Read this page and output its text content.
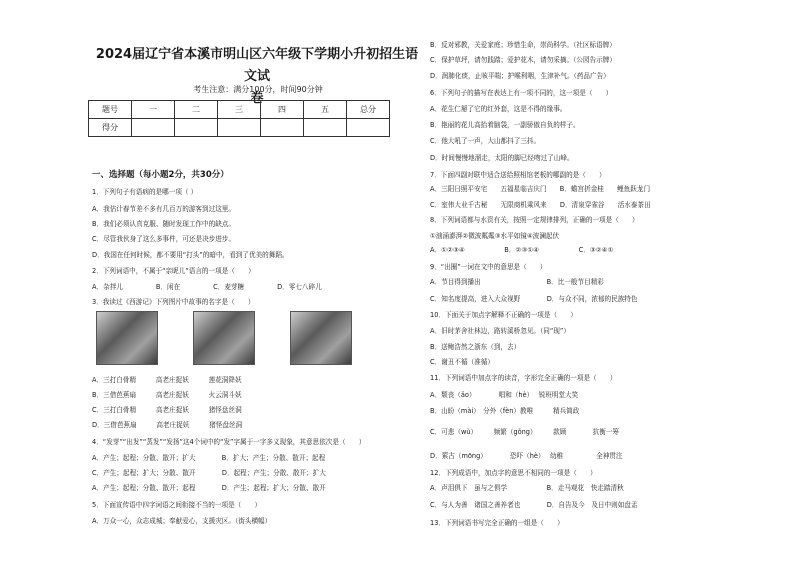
2024届辽宁省本溪市明山区六年级下学期小升初招生语文试
卷
考生注意：满分100分，时间90分钟
题号	一	二	三	四	五	总分
得分						
一、选择题（每小题2分，共30分）
1．下列句子有语病的是哪一项（ ）
A．我估计春节差不多有几百万的游客到过这里。
B．我们必须认真克服、随时发现工作中的缺点。
C．尽管我伙身了这么多事件，可还是决步进步。
D．我国在任何时候，都不要用“打头”的暗中，看到了优美的舞蹈。
2．下列词语中，不属于“亲昵儿”语言的一项是（　　）
A．杂拌儿　　　　　B．闲在　　　　　C．麦芽糖　　　　　D．零七八碎儿
3．我读过《西游记》下列图片中故事的名字是（　　）
A．三打白骨精　　　高老庄捉妖　　　莲花洞降妖
B．三借芭蕉扇　　　高老庄捉妖　　　火云洞斗妖
C．三打白骨精　　　高老庄捉妖　　　猪怪盘丝洞
D．三借芭蕉扇　　　高老庄捉妖　　　猪怪盘丝洞
4．“发芽”“出发”“蒸发”“发扬”这4个词中的“发”字属于一字多义现象，其意思依次是（　　）
A．产生；起程；分散、散开；扩大　　　　B．扩大；产生；分散、散开；起程
C．产生；起程；扩大；分散、散开　　　　D．起程；产生；分散、散开；扩大
A．产生；起程；分散、散开；起程　　　　D．产生；起程；扩大；分散、散开
5．下面宣传语中四字词语之间衔接不当的一项是（　　）
A．万众一心，众志成城；奉献爱心，支援灾区。（街头横幅）
B．反对邪教，关爱家庭；珍惜生命，崇尚科学。（社区标语牌）
C．保护草坪，请勿践踏；爱护花木，请勿采摘。（公园告示牌）
D．润肺化痰，止咳平喘；护喉利咽，生津补气。（药品广告）
6．下列句子的描写在表达上有一项不同的，这一项是（　　）
A．花生仁掰了它的红外套，这是不得的缘事。
B．艳丽的花儿高抬着脑袋，一副骄傲自负的样子。
C．他大吼了一声，大山都抖了三抖。
D．时间慢慢地溜走，太阳的脚已经吻过了山峰。
7．下面四副对联中适合送给照相馆老板的哪副的是（　　）
A．三阳日照平安宅　　五福星临吉庆门　　B．蟾宫折金桂　　鲤鱼跃龙门
C．室伟大业千古秘　　无限商机乘风来　　D．清泉穿雀谷　　活水泰茶田
8．下列词语都与水资有关，按照一定规律排列，正确的一项是（　　）
①汹涌澎湃②微波粼粼③水平如镜④波澜起伏
A．①②③④　　　　　　B．②③①④　　　　　　C．③②④①
9．“出圈”一词在文中的意思是（　　）
A．节目得到播出　　　　　　　　　　B．比一般节目精彩
C．知名度提高，进入大众视野　　　　D．与众不同，浓郁的民族特色
10．下面关于加点字解释不正确的一项是（　　）
A．旧时茅舍社林边，路转溪桥忽见。（同“现”）
B．送鲍浩然之浙东（到，去）
C．谢丑不循（准循）
11．下列词语中加点字的读音，字形完全正确的一项是（　　）
A．颓丧（ǎo）　　　　唱和（hè）　 锐班明堂大笑
B．山盼（mài）　分外（fèn）教唯　　　精兵简政
C．可悲（wù）　　　频繁（gǒng）　　　款顾　　　　抗衡一筹
D．萦古（mōng）　　　　恐吓（hè）　 幼稚　　　　　全神贯注
12．下列成语中，加点字的意思不相同的一项是（　　）
A．声泪俱下　虽与之俱学　　　　　　B．走马观花　快走踏清秋
C．与人为善　诸国之善养者也　　　　D．自告及今　及日中则如盘盂
13．下列词语书写完全正确的一组是（　　）
